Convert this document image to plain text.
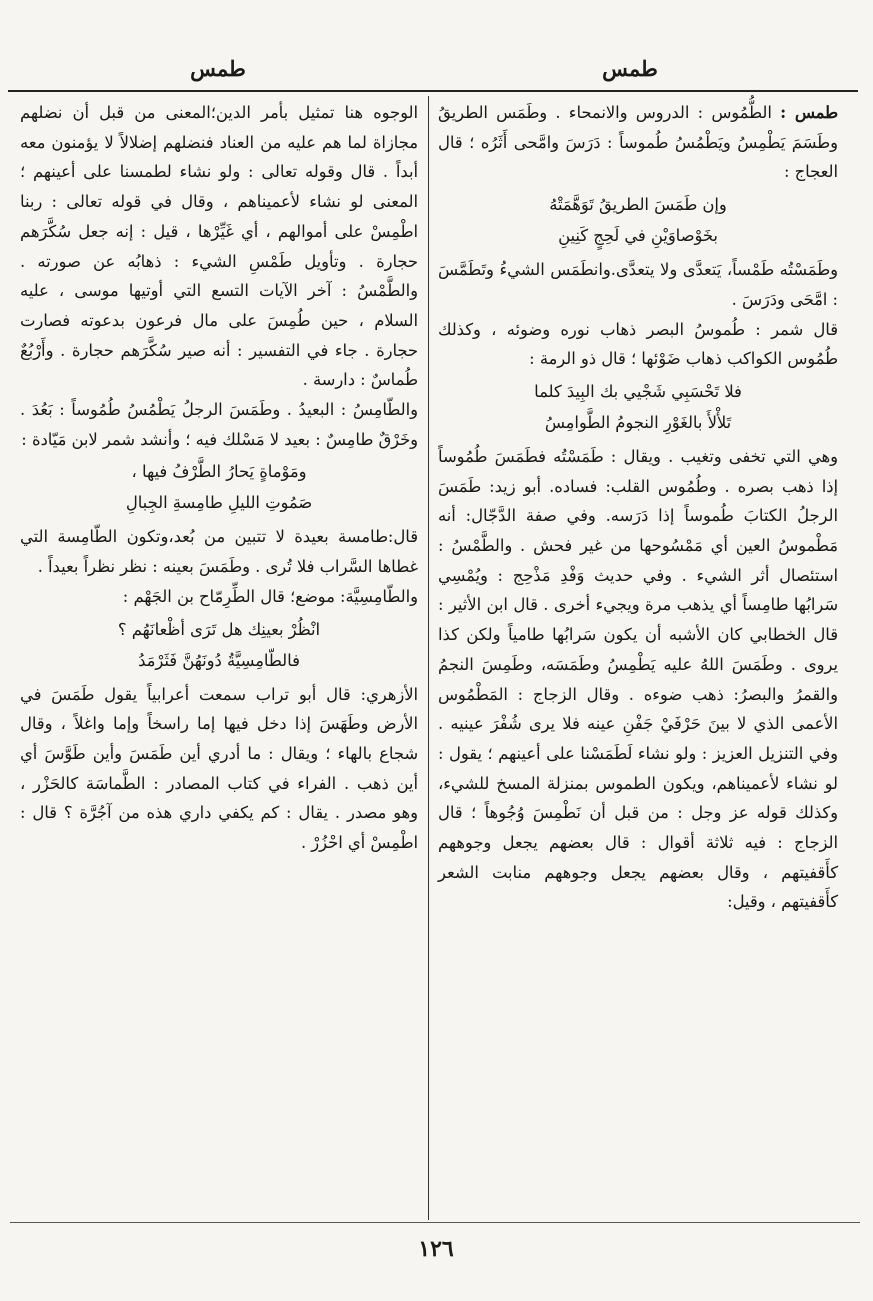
طمس	طمس

طمس : الطُّمُوس : الدروس والانمحاء . وطَمَس الطريقُ وطَسَمَ يَطْمِسُ ويَطْمُسُ طُموساً : دَرَسَ وامَّحى أَثَرُه ؛ قال العجاج :

وإن طَمَسَ الطريقُ تَوَهَّمَتْهُ
بخَوْصاوَيْنِ في لَحِجٍ كَنِينِ

وطَمَسْتُه طَمْساً، يَتعدَّى ولا يتعدَّى.وانطَمَس الشيءُ وتَطَمَّسَ : امَّحَى ودَرَسَ .

قال شمر : طُموسُ البصر ذهاب نوره وضوئه ، وكذلك طُمُوس الكواكب ذهاب ضَوْئها ؛ قال ذو الرمة :

فلا تَحْسَبِي شَجْيي بك البِيدَ كلما
تَلأْلأَ بالغَوْرِ النجومُ الطَّوامِسُ

وهي التي تخفى وتغيب . ويقال : طَمَسْتُه فطَمَسَ طُمُوساً إذا ذهب بصره . وطُمُوس القلب: فساده. أبو زيد: طَمَسَ الرجلُ الكتابَ طُموساً إذا دَرَسه. وفي صفة الدَّجّال: أنه مَطْموسُ العين أي مَمْسُوحها من غير فحش . والطَّمْسُ : استئصال أثر الشيء . وفي حديث وَفْدِ مَذْحِج : ويُمْسِي سَرابُها طامِساً أي يذهب مرة ويجيء أخرى . قال ابن الأثير : قال الخطابي كان الأشبه أن يكون سَرابُها طامياً ولكن كذا يروى . وطَمَسَ اللهُ عليه يَطْمِسُ وطَمَسَه، وطَمِسَ النجمُ والقمرُ والبصرُ: ذهب ضوءه . وقال الزجاج : المَطْمُوس الأعمى الذي لا بينَ حَرْفَيْ جَفْنِ عينه فلا يرى شُفْرَ عينيه . وفي التنزيل العزيز : ولو نشاء لَطَمَسْنا على أعينهم ؛ يقول : لو نشاء لأعميناهم، ويكون الطموس بمنزلة المسخ للشيء، وكذلك قوله عز وجل : من قبل أن نَطْمِسَ وُجُوهاً ؛ قال الزجاج : فيه ثلاثة أقوال : قال بعضهم يجعل وجوههم كأَقفيتهم ، وقال بعضهم يجعل وجوههم منابت الشعر كأَقفيتهم ، وقيل:

الوجوه هنا تمثيل بأمر الدين؛المعنى من قبل أن نضلهم مجازاة لما هم عليه من العناد فنضلهم إضلالاً لا يؤمنون معه أبداً . قال وقوله تعالى : ولو نشاء لطمسنا على أعينهم ؛ المعنى لو نشاء لأعميناهم ، وقال في قوله تعالى : ربنا اطْمِسْ على أموالهم ، أي غَيِّرْها ، قيل : إنه جعل سُكَّرَهم حجارة . وتأويل طَمْسِ الشيء : ذهابُه عن صورته . والطَّمْسُ : آخر الآيات التسع التي أوتيها موسى ، عليه السلام ، حين طُمِسَ على مال فرعون بدعوته فصارت حجارة . جاء في التفسير : أنه صير سُكَّرَهم حجارة . وأَرْبُعٌ طُماسٌ : دارسة .

والطّامِسُ : البعيدُ . وطَمَسَ الرجلُ يَطْمُسُ طُمُوساً : بَعُدَ . وخَرْقٌ طامِسٌ : بعيد لا مَسْلك فيه ؛ وأنشد شمر لابن مَيّادة :

ومَوْماةٍ يَحارُ الطَّرْفُ فيها ،
صَمُوتِ الليلِ طامِسةِ الجِبالِ

قال:طامسة بعيدة لا تتبين من بُعد،وتكون الطّامِسة التي غطاها السَّراب فلا تُرى . وطَمَسَ بعينه : نظر نظراً بعيداً .

والطّامِسِيَّة: موضع؛ قال الطِّرِمّاح بن الجَهْم :

انْظُرْ بعينِك هل تَرَى أظْعانَهُم ؟
فالطّامِسِيَّةُ دُونَهُنَّ فَثَرْمَدُ

الأزهري: قال أبو تراب سمعت أعرابياً يقول طَمَسَ في الأرض وطَهَسَ إذا دخل فيها إما راسخاً وإما واغلاً ، وقال شجاع بالهاء ؛ ويقال : ما أدري أين طَمَسَ وأين طَوَّسَ أي أين ذهب . الفراء في كتاب المصادر : الطَّماسَة كالحَزْر ، وهو مصدر . يقال : كم يكفي داري هذه من آجُرَّة ؟ قال : اطْمِسْ أي احْزُرْ .

١٢٦
